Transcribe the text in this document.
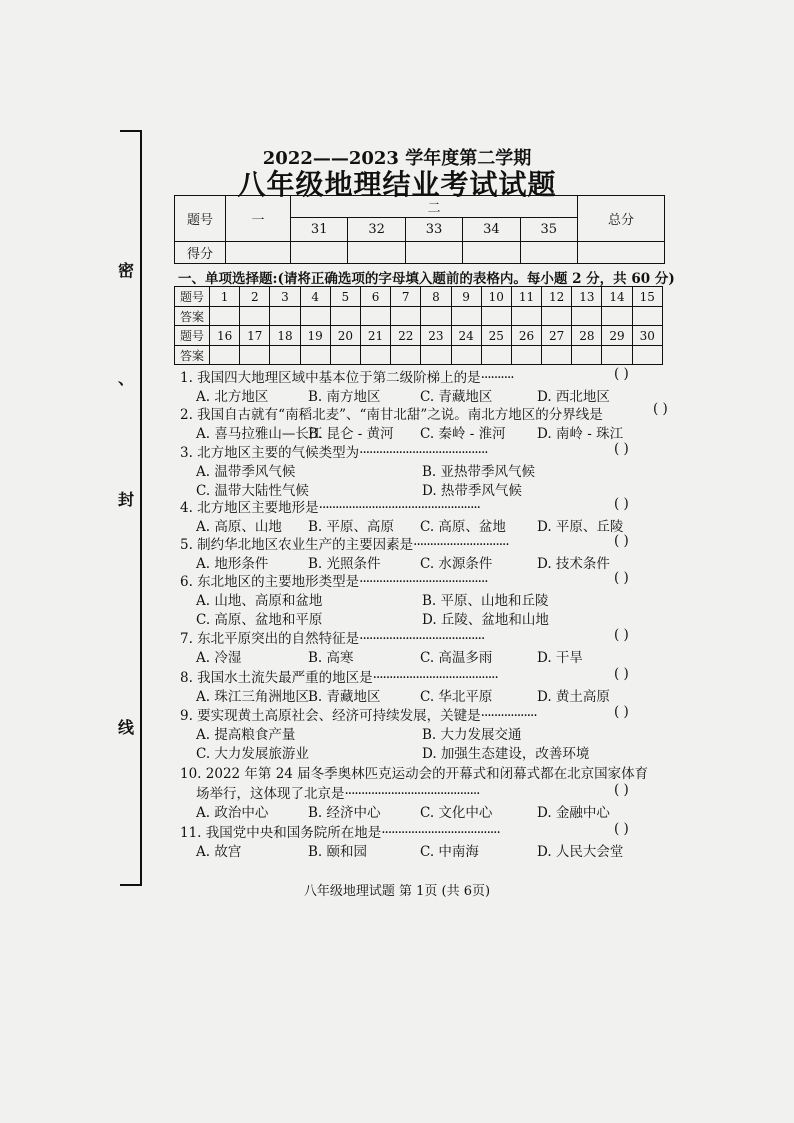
密
、
封
线
2022——2023 学年度第二学期
八年级地理结业考试试题
题号	一	二					总分
		31	32	33	34	35	
得分							
一、单项选择题:(请将正确选项的字母填入题前的表格内。每小题 2 分，共 60 分)
题号	1	2	3	4	5	6	7	8	9	10	11	12	13	14	15
答案															
题号	16	17	18	19	20	21	22	23	24	25	26	27	28	29	30
答案															
1. 我国四大地理区域中基本位于第二级阶梯上的是··········	( )
A. 北方地区	B. 南方地区	C. 青藏地区	D. 西北地区
2. 我国自古就有“南稻北麦”、“南甘北甜”之说。南北方地区的分界线是	( )
A. 喜马拉雅山—长江
B. 昆仑 - 黄河 C. 秦岭 - 淮河 D. 南岭 - 珠江
3. 北方地区主要的气候类型为·······································	( )
A. 温带季风气候	B. 亚热带季风气候
C. 温带大陆性气候	D. 热带季风气候
4. 北方地区主要地形是·················································	( )
A. 高原、山地 B. 平原、高原 C. 高原、盆地 D. 平原、丘陵
5. 制约华北地区农业生产的主要因素是·····························	( )
A. 地形条件	B. 光照条件	C. 水源条件	D. 技术条件
6. 东北地区的主要地形类型是·······································	( )
A. 山地、高原和盆地	B. 平原、山地和丘陵
C. 高原、盆地和平原	D. 丘陵、盆地和山地
7. 东北平原突出的自然特征是······································	( )
A. 冷湿	B. 高寒	C. 高温多雨	D. 干旱
8. 我国水土流失最严重的地区是······································	( )
A. 珠江三角洲地区 B. 青藏地区	C. 华北平原	D. 黄土高原
9. 要实现黄土高原社会、经济可持续发展，关键是·················	( )
A. 提高粮食产量	B. 大力发展交通
C. 大力发展旅游业	D. 加强生态建设，改善环境
10. 2022 年第 24 届冬季奥林匹克运动会的开幕式和闭幕式都在北京国家体育
场举行，这体现了北京是·········································	( )
A. 政治中心	B. 经济中心	C. 文化中心	D. 金融中心
11. 我国党中央和国务院所在地是····································	( )
A. 故宫	B. 颐和园	C. 中南海	D. 人民大会堂
八年级地理试题 第 1页 (共 6页)
